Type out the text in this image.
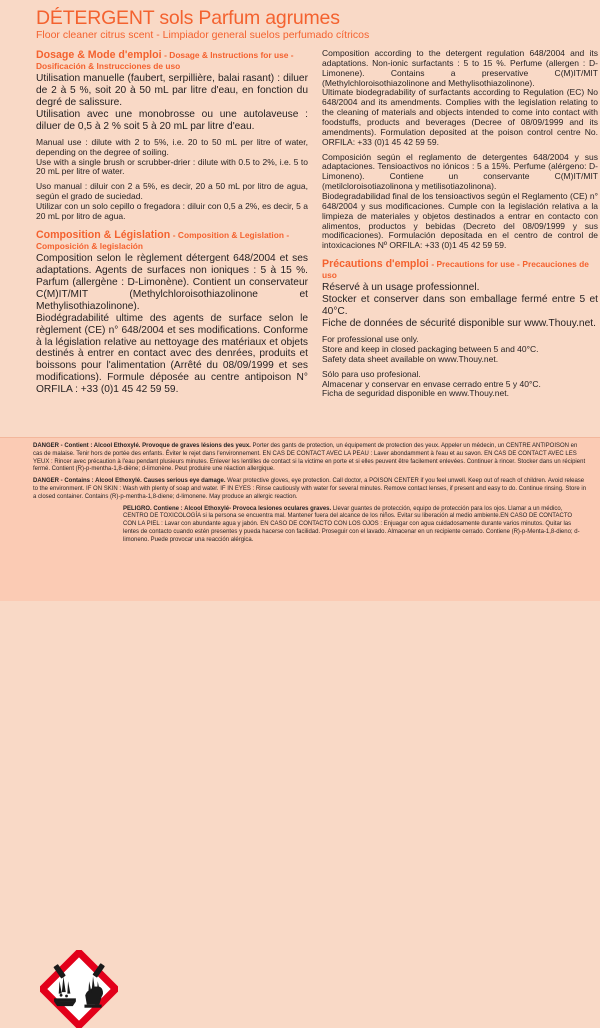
DÉTERGENT sols Parfum agrumes
Floor cleaner citrus scent - Limpiador general suelos perfumado cítricos
Dosage & Mode d'emploi - Dosage & Instructions for use - Dosificación & Instrucciones de uso
Utilisation manuelle (faubert, serpillière, balai rasant) : diluer de 2 à 5 %, soit 20 à 50 mL par litre d'eau, en fonction du degré de salissure.
Utilisation avec une monobrosse ou une autolaveuse : diluer de 0,5 à 2 % soit 5 à 20 mL par litre d'eau.
Manual use : dilute with 2 to 5%, i.e. 20 to 50 mL per litre of water, depending on the degree of soiling.
Use with a single brush or scrubber-drier : dilute with 0.5 to 2%, i.e. 5 to 20 mL per litre of water.
Uso manual : diluir con 2 a 5%, es decir, 20 a 50 mL por litro de agua, según el grado de suciedad.
Utilizar con un solo cepillo o fregadora : diluir con 0,5 a 2%, es decir, 5 a 20 mL por litro de agua.
Composition & Législation - Composition & Legislation - Composición & legislación
Composition selon le règlement détergent 648/2004 et ses adaptations. Agents de surfaces non ioniques : 5 à 15 %. Parfum (allergène : D-Limonène). Contient un conservateur C(M)IT/MIT (Methylchloroisothiazolinone et Methylisothiazolinone).
Biodégradabilité ultime des agents de surface selon le règlement (CE) n° 648/2004 et ses modifications. Conforme à la législation relative au nettoyage des matériaux et objets destinés à entrer en contact avec des denrées, produits et boissons pour l'alimentation (Arrêté du 08/09/1999 et ses modifications). Formule déposée au centre antipoison N° ORFILA : +33 (0)1 45 42 59 59.
Composition according to the detergent regulation 648/2004 and its adaptations. Non-ionic surfactants : 5 to 15 %. Perfume (allergen : D-Limonene). Contains a preservative C(M)IT/MIT (Methylchloroisothiazolinone and Methylisothiazolinone).
Ultimate biodegradability of surfactants according to Regulation (EC) No 648/2004 and its amendments. Complies with the legislation relating to the cleaning of materials and objects intended to come into contact with foodstuffs, products and beverages (Decree of 08/09/1999 and its amendments). Formulation deposited at the poison control centre No. ORFILA: +33 (0)1 45 42 59 59.
Composición según el reglamento de detergentes 648/2004 y sus adaptaciones. Tensioactivos no iónicos : 5 a 15%. Perfume (alérgeno: D-Limoneno). Contiene un conservante C(M)IT/MIT (metilcloroisotiazolinona y metilisotiazolinona).
Biodegradabilidad final de los tensioactivos según el Reglamento (CE) n° 648/2004 y sus modificaciones. Cumple con la legislación relativa a la limpieza de materiales y objetos destinados a entrar en contacto con alimentos, productos y bebidas (Decreto del 08/09/1999 y sus modificaciones). Formulación depositada en el centro de control de intoxicaciones Nº ORFILA: +33 (0)1 45 42 59 59.
Précautions d'emploi - Precautions for use - Precauciones de uso
Réservé à un usage professionnel.
Stocker et conserver dans son emballage fermé entre 5 et 40°C.
Fiche de données de sécurité disponible sur www.Thouy.net.
For professional use only.
Store and keep in closed packaging between 5 and 40°C.
Safety data sheet available on www.Thouy.net.
Sólo para uso profesional.
Almacenar y conservar en envase cerrado entre 5 y 40°C.
Ficha de seguridad disponible en www.Thouy.net.
DANGER - Contient : Alcool Ethoxylé. Provoque de graves lésions des yeux. Porter des gants de protection, un équipement de protection des yeux. Appeler un médecin, un CENTRE ANTIPOISON en cas de malaise. Tenir hors de portée des enfants. Éviter le rejet dans l'environnement. EN CAS DE CONTACT AVEC LA PEAU : Laver abondamment à l'eau et au savon. EN CAS DE CONTACT AVEC LES YEUX : Rincer avec précaution à l'eau pendant plusieurs minutes. Enlever les lentilles de contact si la victime en porte et si elles peuvent être facilement enlevées. Continuer à rincer. Stocker dans un récipient fermé. Contient (R)-p-mentha-1,8-diène; d-limonène. Peut produire une réaction allergique.
DANGER - Contains : Alcool Ethoxylé. Causes serious eye damage. Wear protective gloves, eye protection. Call doctor, a POISON CENTER if you feel unwell. Keep out of reach of children. Avoid release to the environment. IF ON SKIN : Wash with plenty of soap and water. IF IN EYES : Rinse cautiously with water for several minutes. Remove contact lenses, if present and easy to do. Continue rinsing. Store in a closed container. Contains (R)-p-mentha-1,8-diene; d-limonene. May produce an allergic reaction.
PELIGRO. Contiene : Alcool Ethoxylé- Provoca lesiones oculares graves. Llevar guantes de protección, equipo de protección para los ojos. Llamar a un médico, CENTRO DE TOXICOLOGÍA si la persona se encuentra mal. Mantener fuera del alcance de los niños. Evitar su liberación al medio ambiente.EN CASO DE CONTACTO CON LA PIEL : Lavar con abundante agua y jabón. EN CASO DE CONTACTO CON LOS OJOS : Enjuagar con agua cuidadosamente durante varios minutos. Quitar las lentes de contacto cuando estén presentes y pueda hacerse con facilidad. Proseguir con el lavado. Almacenar en un recipiente cerrado. Contiene (R)-p-Menta-1,8-dieno; d-limoneno. Puede provocar una reacción alérgica.
